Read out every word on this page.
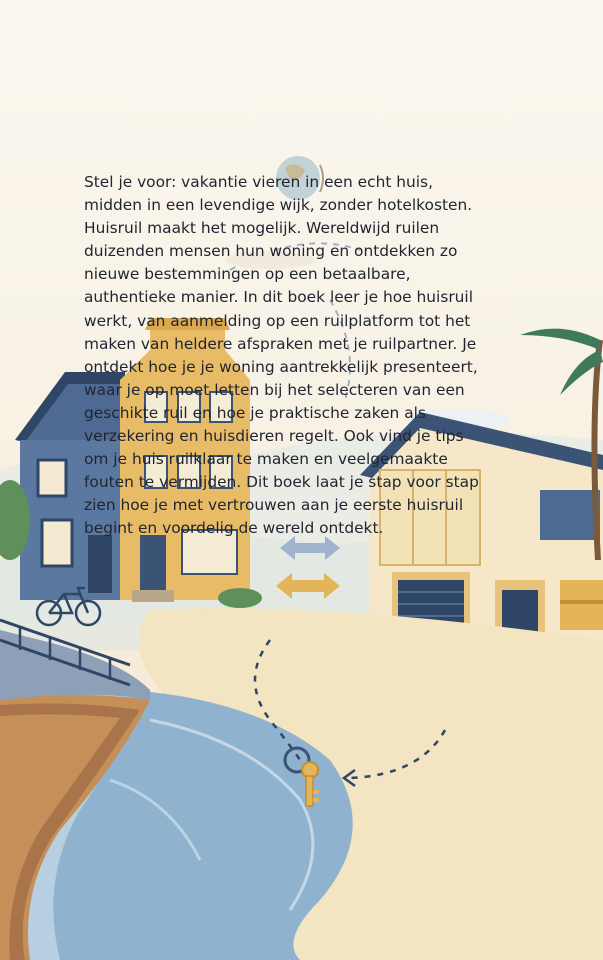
Stel je voor: vakantie vieren in een echt huis,
midden in een levendige wijk, zonder hotelkosten.
Huisruil maakt het mogelijk. Wereldwijd ruilen
duizenden mensen hun woning en ontdekken zo
nieuwe bestemmingen op een betaalbare,
authentieke manier. In dit boek leer je hoe huisruil
werkt, van aanmelding op een ruilplatform tot het
maken van heldere afspraken met je ruilpartner. Je
ontdekt hoe je je woning aantrekkelijk presenteert,
waar je op moet letten bij het selecteren van een
geschikte ruil en hoe je praktische zaken als
verzekering en huisdieren regelt. Ook vind je tips
om je huis ruilklaar te maken en veelgemaakte
fouten te vermijden. Dit boek laat je stap voor stap
zien hoe je met vertrouwen aan je eerste huisruil
begint en voordelig de wereld ontdekt.
